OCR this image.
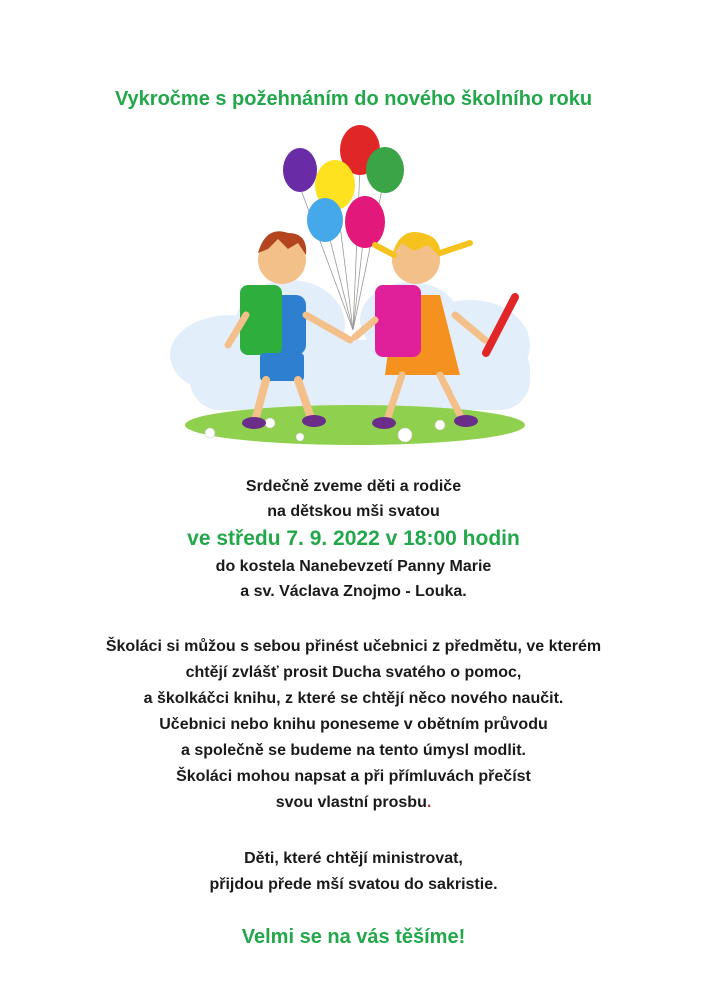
Vykročme s požehnáním do nového školního roku
Srdečně zveme děti a rodiče
na dětskou mši svatou
ve středu 7. 9. 2022 v 18:00 hodin
do kostela Nanebevzetí Panny Marie
a sv. Václava Znojmo - Louka.
Školáci si můžou s sebou přinést učebnici z předmětu, ve kterém
chtějí zvlášť prosit Ducha svatého o pomoc,
a školkáčci knihu, z které se chtějí něco nového naučit.
Učebnici nebo knihu poneseme v obětním průvodu
a společně se budeme na tento úmysl modlit.
Školáci mohou napsat a při přímluvách přečíst
svou vlastní prosbu.
Děti, které chtějí ministrovat,
přijdou přede mší svatou do sakristie.
Velmi se na vás těšíme!
